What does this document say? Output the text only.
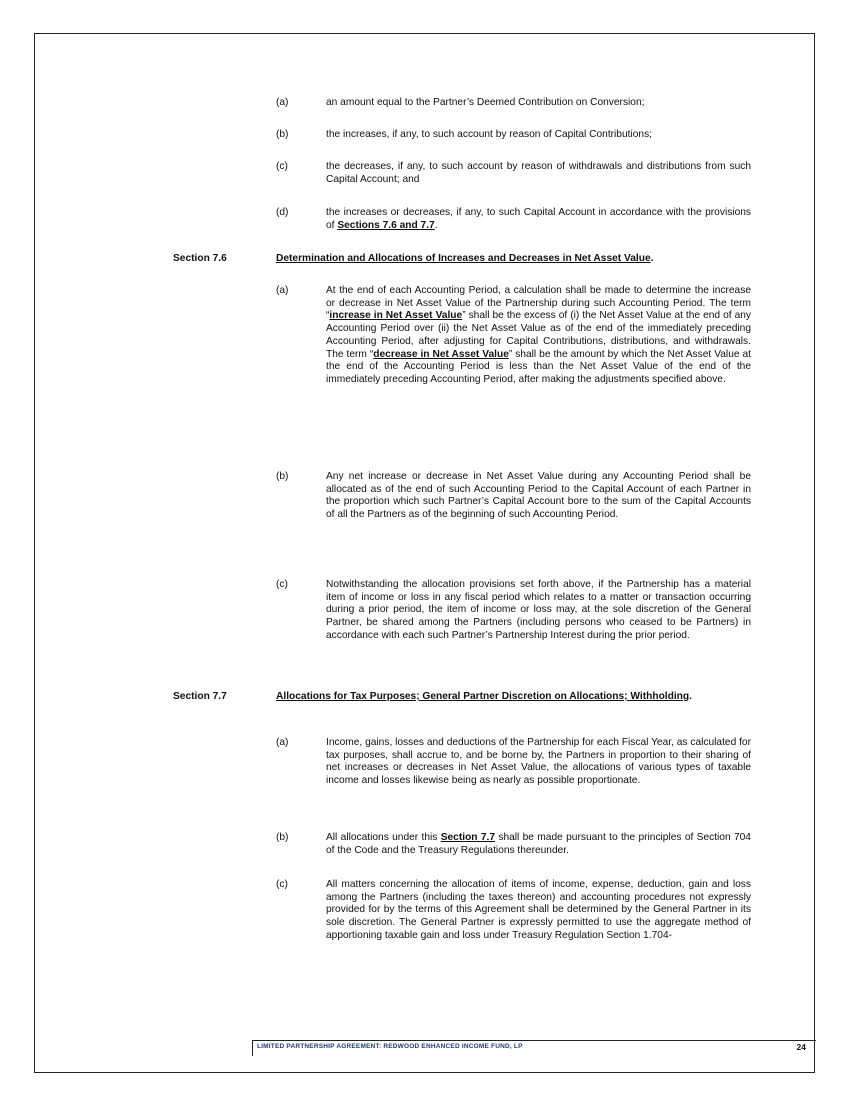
(a)	an amount equal to the Partner’s Deemed Contribution on Conversion;
(b)	the increases, if any, to such account by reason of Capital Contributions;
(c)	the decreases, if any, to such account by reason of withdrawals and distributions from such Capital Account; and
(d)	the increases or decreases, if any, to such Capital Account in accordance with the provisions of Sections 7.6 and 7.7.
Section 7.6	Determination and Allocations of Increases and Decreases in Net Asset Value.
(a)	At the end of each Accounting Period, a calculation shall be made to determine the increase or decrease in Net Asset Value of the Partnership during such Accounting Period. The term “increase in Net Asset Value” shall be the excess of (i) the Net Asset Value at the end of any Accounting Period over (ii) the Net Asset Value as of the end of the immediately preceding Accounting Period, after adjusting for Capital Contributions, distributions, and withdrawals. The term “decrease in Net Asset Value” shall be the amount by which the Net Asset Value at the end of the Accounting Period is less than the Net Asset Value of the end of the immediately preceding Accounting Period, after making the adjustments specified above.
(b)	Any net increase or decrease in Net Asset Value during any Accounting Period shall be allocated as of the end of such Accounting Period to the Capital Account of each Partner in the proportion which such Partner’s Capital Account bore to the sum of the Capital Accounts of all the Partners as of the beginning of such Accounting Period.
(c)	Notwithstanding the allocation provisions set forth above, if the Partnership has a material item of income or loss in any fiscal period which relates to a matter or transaction occurring during a prior period, the item of income or loss may, at the sole discretion of the General Partner, be shared among the Partners (including persons who ceased to be Partners) in accordance with each such Partner’s Partnership Interest during the prior period.
Section 7.7	Allocations for Tax Purposes; General Partner Discretion on Allocations; Withholding.
(a)	Income, gains, losses and deductions of the Partnership for each Fiscal Year, as calculated for tax purposes, shall accrue to, and be borne by, the Partners in proportion to their sharing of net increases or decreases in Net Asset Value, the allocations of various types of taxable income and losses likewise being as nearly as possible proportionate.
(b)	All allocations under this Section 7.7 shall be made pursuant to the principles of Section 704 of the Code and the Treasury Regulations thereunder.
(c)	All matters concerning the allocation of items of income, expense, deduction, gain and loss among the Partners (including the taxes thereon) and accounting procedures not expressly provided for by the terms of this Agreement shall be determined by the General Partner in its sole discretion. The General Partner is expressly permitted to use the aggregate method of apportioning taxable gain and loss under Treasury Regulation Section 1.704-
LIMITED PARTNERSHIP AGREEMENT: REDWOOD ENHANCED INCOME FUND, LP	24
